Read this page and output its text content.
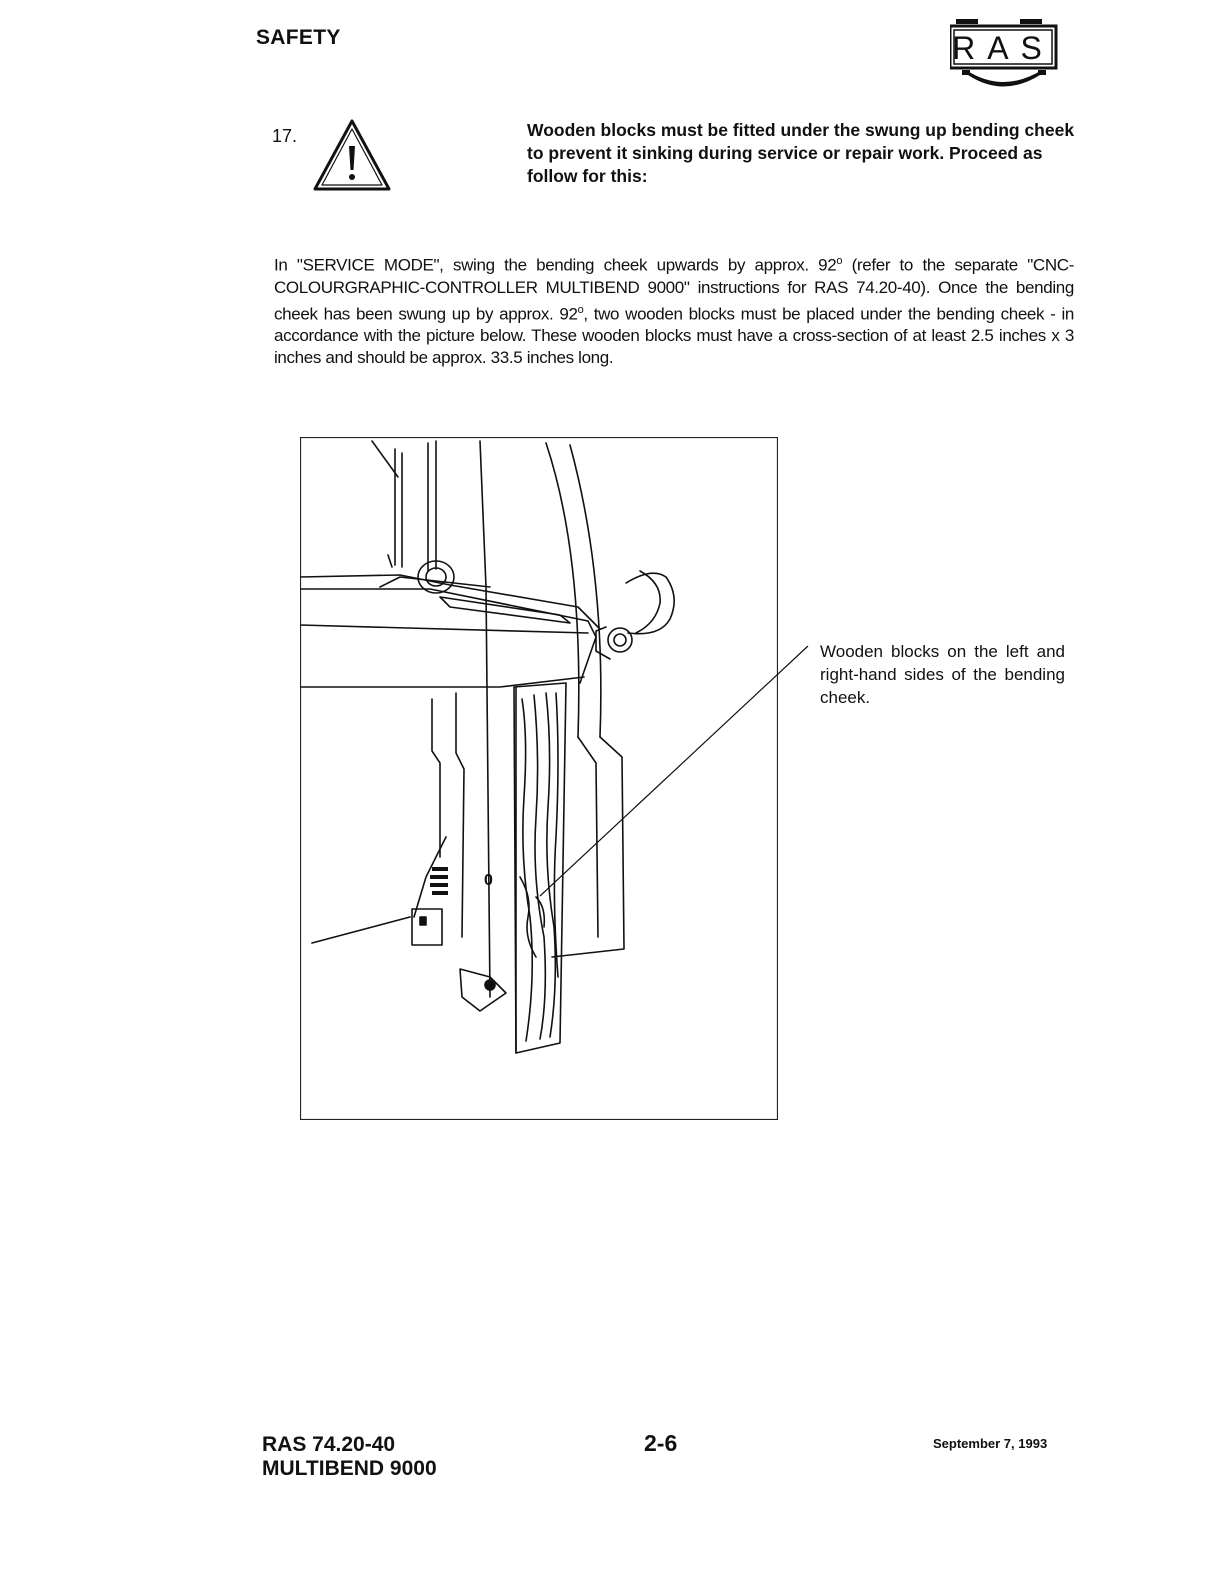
SAFETY	RAS
17.	Wooden blocks must be fitted under the swung up bending cheek to prevent it sinking during service or repair work. Proceed as follow for this:
In "SERVICE MODE", swing the bending cheek upwards by approx. 92$^o$ (refer to the separate "CNC-COLOURGRAPHIC-CONTROLLER MULTIBEND 9000" instructions for RAS 74.20-40). Once the bending cheek has been swung up by approx. 92$^o$, two wooden blocks must be placed under the bending cheek - in accordance with the picture below. These wooden blocks must have a cross-section of at least 2.5 inches x 3 inches and should be approx. 33.5 inches long.
0
Wooden blocks on the left and right-hand sides of the bending cheek.
RAS 74.20-40
MULTIBEND 9000
2-6	September 7, 1993
